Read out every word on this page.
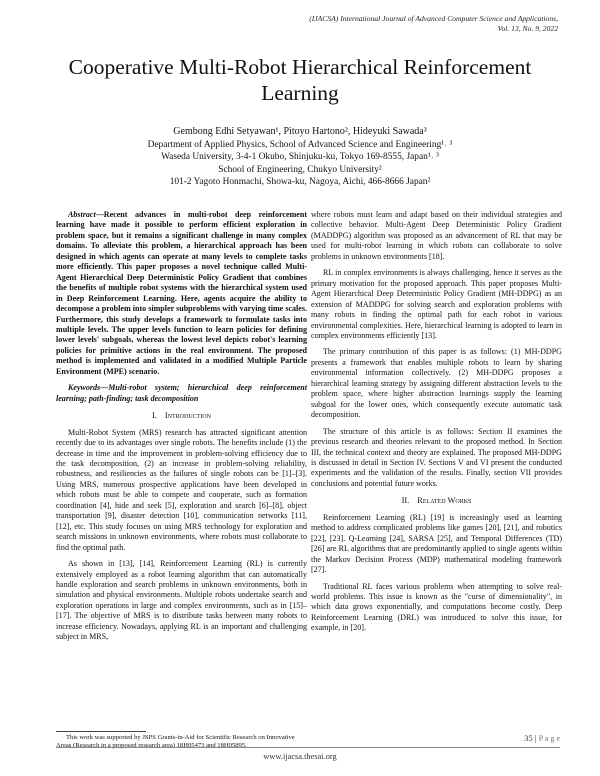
(IJACSA) International Journal of Advanced Computer Science and Applications,
Vol. 13, No. 9, 2022
Cooperative Multi-Robot Hierarchical Reinforcement Learning
Gembong Edhi Setyawan¹, Pitoyo Hartono², Hideyuki Sawada³
Department of Applied Physics, School of Advanced Science and Engineering¹˒ ³
Waseda University, 3-4-1 Okubo, Shinjuku-ku, Tokyo 169-8555, Japan¹˒ ³
School of Engineering, Chukyo University²
101-2 Yagoto Honmachi, Showa-ku, Nagoya, Aichi, 466-8666 Japan²

Abstract—Recent advances in multi-robot deep reinforcement learning have made it possible to perform efficient exploration in problem space, but it remains a significant challenge in many complex domains. To alleviate this problem, a hierarchical approach has been designed in which agents can operate at many levels to complete tasks more efficiently. This paper proposes a novel technique called Multi-Agent Hierarchical Deep Deterministic Policy Gradient that combines the benefits of multiple robot systems with the hierarchical system used in Deep Reinforcement Learning. Here, agents acquire the ability to decompose a problem into simpler subproblems with varying time scales. Furthermore, this study develops a framework to formulate tasks into multiple levels. The upper levels function to learn policies for defining lower levels' subgoals, whereas the lowest level depicts robot's learning policies for primitive actions in the real environment. The proposed method is implemented and validated in a modified Multiple Particle Environment (MPE) scenario.

Keywords—Multi-robot system; hierarchical deep reinforcement learning; path-finding; task decomposition

I. Introduction

Multi-Robot System (MRS) research has attracted significant attention recently due to its advantages over single robots. The benefits include (1) the decrease in time and the improvement in problem-solving efficiency due to the task decomposition, (2) an increase in problem-solving reliability, robustness, and resiliencies as the failures of single robots can be [1]–[3]. Using MRS, numerous prospective applications have been developed in which robots must be able to compete and cooperate, such as formation coordination [4], hide and seek [5], exploration and search [6]–[8], object transportation [9], disaster detection [10], communication networks [11], [12], etc. This study focuses on using MRS technology for exploration and search missions in unknown environments, where robots must collaborate to find the optimal path.

As shown in [13], [14], Reinforcement Learning (RL) is currently extensively employed as a robot learning algorithm that can automatically handle exploration and search problems in unknown environments, both in simulation and physical environments. Multiple robots undertake search and exploration operations in large and complex environments, such as in [15]–[17]. The objective of MRS is to distribute tasks between many robots to increase efficiency. Nowadays, applying RL is an important and challenging subject in MRS,

where robots must learn and adapt based on their individual strategies and collective behavior. Multi-Agent Deep Deterministic Policy Gradient (MADDPG) algorithm was proposed as an advancement of RL that may be used for multi-robot learning in which robots can collaborate to solve problems in unknown environments [18].

RL in complex environments is always challenging, hence it serves as the primary motivation for the proposed approach. This paper proposes Multi-Agent Hierarchical Deep Deterministic Policy Gradient (MH-DDPG) as an extension of MADDPG for solving search and exploration problems with many robots in finding the optimal path for each robot in various environmental complexities. Here, hierarchical learning is adopted to learn in complex environments efficiently [13].

The primary contribution of this paper is as follows: (1) MH-DDPG presents a framework that enables multiple robots to learn by sharing environmental information collectively. (2) MH-DDPG proposes a hierarchical learning strategy by assigning different abstraction levels to the problem space, where higher abstraction learnings supply the learning subgoal for the lower ones, which consequently execute automatic task decomposition.

The structure of this article is as follows: Section II examines the previous research and theories relevant to the proposed method. In Section III, the technical context and theory are explained. The proposed MH-DDPG is discussed in detail in Section IV. Sections V and VI present the conducted experiments and the validation of the results. Finally, section VII provides conclusions and potential future works.

II. Related Works

Reinforcement Learning (RL) [19] is increasingly used as learning method to address complicated problems like games [20], [21], and robotics [22], [23]. Q-Learning [24], SARSA [25], and Temporal Differences (TD) [26] are RL algorithms that are predominantly applied to single agents within the Markov Decision Process (MDP) mathematical modeling framework [27].

Traditional RL faces various problems when attempting to solve real-world problems. This issue is known as the "curse of dimensionality", in which data grows exponentially, and computations become costly. Deep Reinforcement Learning (DRL) was introduced to solve this issue, for example, in [20].

This work was supported by JSPS Grants-in-Aid for Scientific Research on Innovative Areas (Research in a proposed research area) 18H05473 and 18H05895.
35 | P a g e
www.ijacsa.thesai.org
